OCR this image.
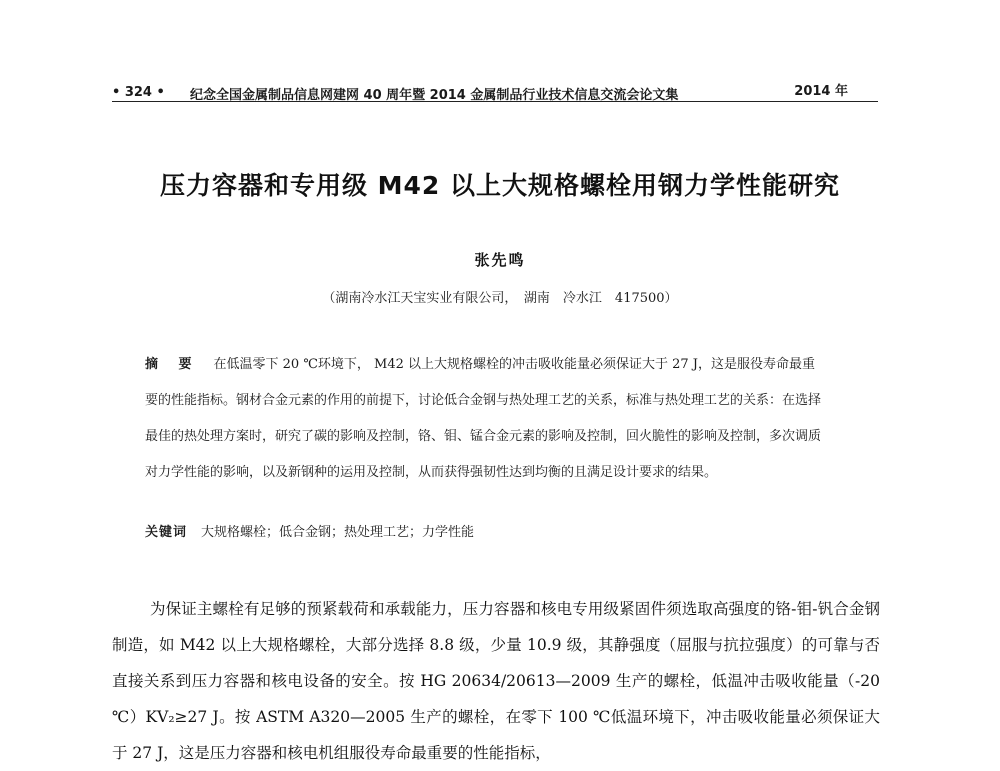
• 324 • 纪念全国金属制品信息网建网 40 周年暨 2014 金属制品行业技术信息交流会论文集	2014 年
压力容器和专用级 M42 以上大规格螺栓用钢力学性能研究
张先鸣
（湖南冷水江天宝实业有限公司，　湖南　冷水江　417500）

摘 要 在低温零下 20 ℃环境下， M42 以上大规格螺栓的冲击吸收能量必须保证大于 27 J，这是服役寿命最重要的性能指标。钢材合金元素的作用的前提下，讨论低合金钢与热处理工艺的关系，标准与热处理工艺的关系：在选择最佳的热处理方案时，研究了碳的影响及控制，铬、钼、锰合金元素的影响及控制，回火脆性的影响及控制，多次调质对力学性能的影响，以及新钢种的运用及控制，从而获得强韧性达到均衡的且满足设计要求的结果。

关键词 大规格螺栓；低合金钢；热处理工艺；力学性能

为保证主螺栓有足够的预紧载荷和承载能力，压力容器和核电专用级紧固件须选取高强度的铬-钼-钒合金钢制造，如 M42 以上大规格螺栓，大部分选择 8.8 级，少量 10.9 级，其静强度（屈服与抗拉强度）的可靠与否直接关系到压力容器和核电设备的安全。按 HG 20634/20613—2009 生产的螺栓，低温冲击吸收能量（-20 ℃）KV₂≥27 J。按 ASTM A320—2005 生产的螺栓，在零下 100 ℃低温环境下，冲击吸收能量必须保证大于 27 J，这是压力容器和核电机组服役寿命最重要的性能指标，
